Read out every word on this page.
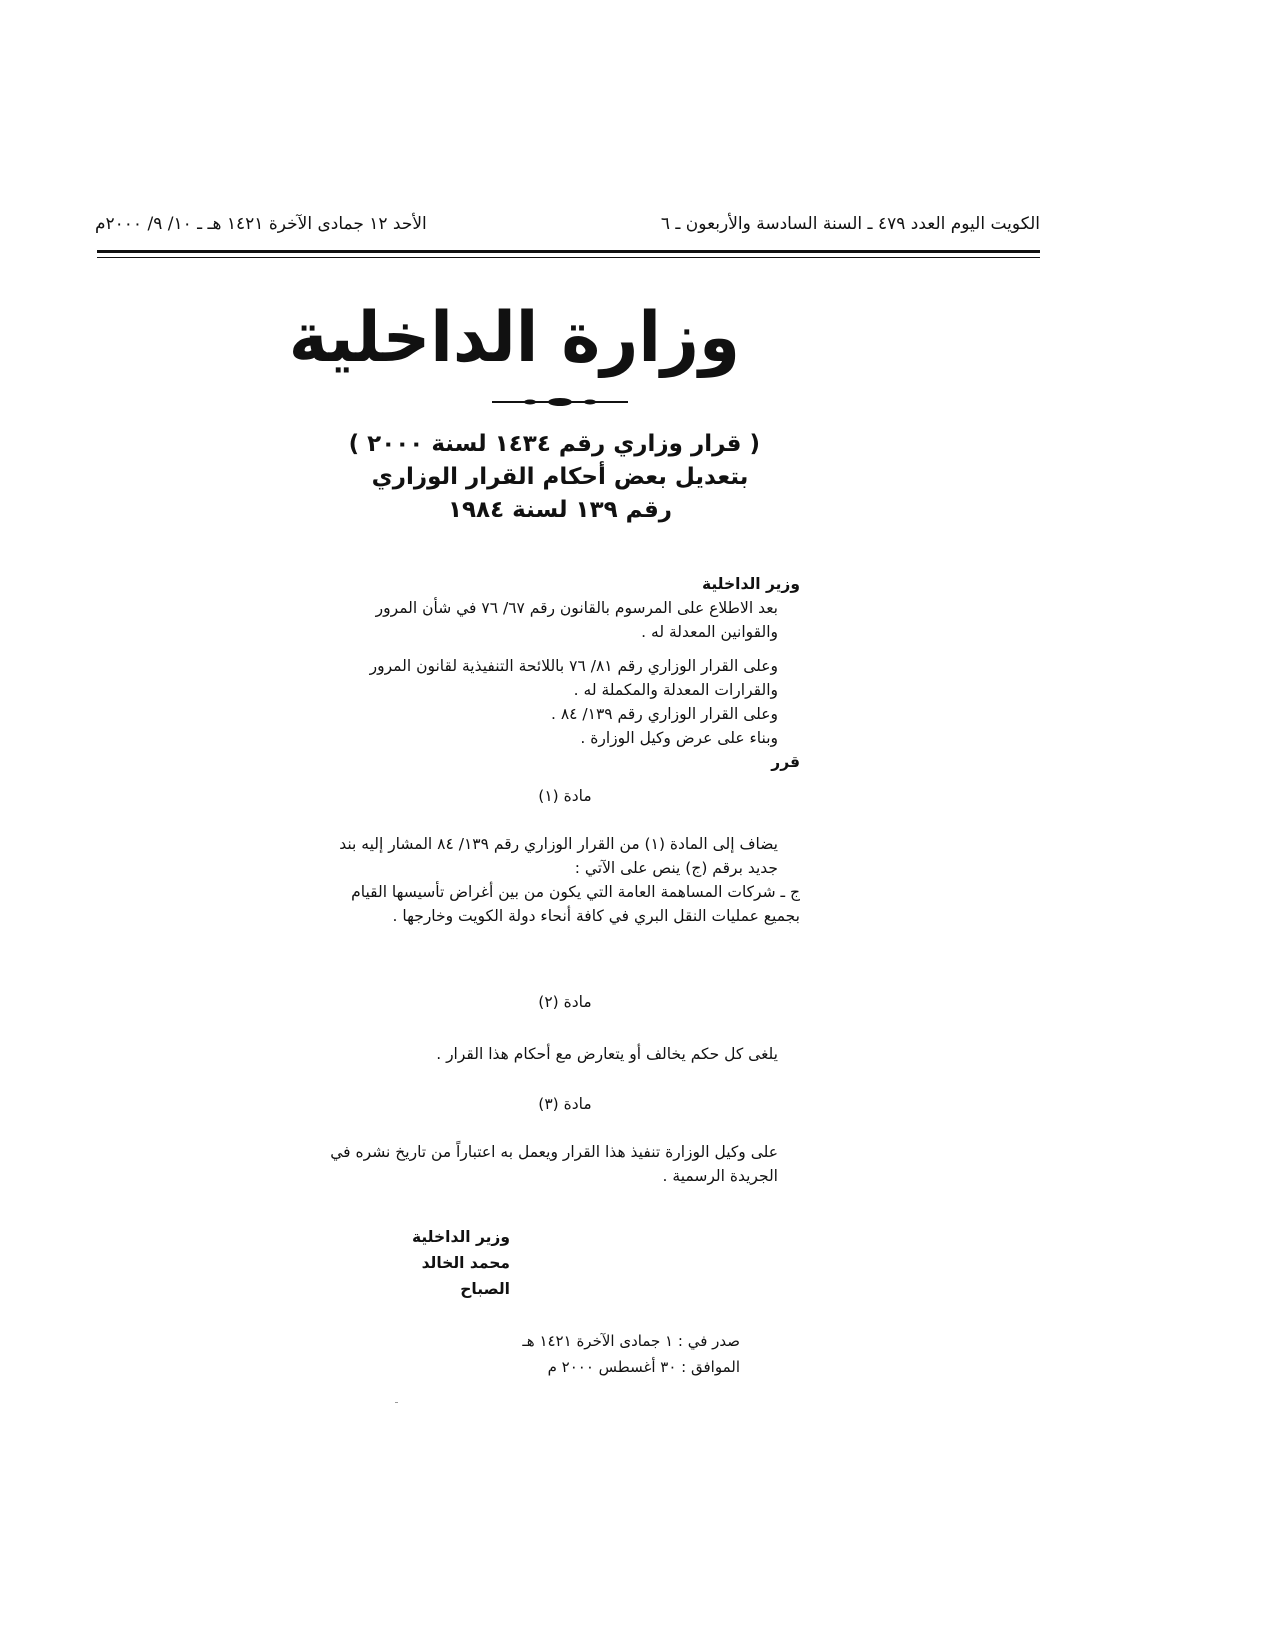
الكويت اليوم العدد ٤٧٩ ـ السنة السادسة والأربعون ـ ٦
الأحد ١٢ جمادى الآخرة ١٤٢١ هـ ـ ١٠/ ٩/ ٢٠٠٠م
وزارة الداخلية
( قرار وزاري رقم ١٤٣٤ لسنة ٢٠٠٠ )
بتعديل بعض أحكام القرار الوزاري
رقم ١٣٩ لسنة ١٩٨٤

وزير الداخلية

بعد الاطلاع على المرسوم بالقانون رقم ٦٧/ ٧٦ في شأن المرور والقوانين المعدلة له .

وعلى القرار الوزاري رقم ٨١/ ٧٦ باللائحة التنفيذية لقانون المرور والقرارات المعدلة والمكملة له .

وعلى القرار الوزاري رقم ١٣٩/ ٨٤ .

وبناء على عرض وكيل الوزارة .

قرر

مادة (١)

يضاف إلى المادة (١) من القرار الوزاري رقم ١٣٩/ ٨٤ المشار إليه بند جديد برقم (ج) ينص على الآتي :

ج ـ شركات المساهمة العامة التي يكون من بين أغراض تأسيسها القيام بجميع عمليات النقل البري في كافة أنحاء دولة الكويت وخارجها .

مادة (٢)

يلغى كل حكم يخالف أو يتعارض مع أحكام هذا القرار .

مادة (٣)

على وكيل الوزارة تنفيذ هذا القرار ويعمل به اعتباراً من تاريخ نشره في الجريدة الرسمية .

وزير الداخلية
محمد الخالد الصباح
صدر في : ١ جمادى الآخرة ١٤٢١ هـ
الموافق : ٣٠ أغسطس ٢٠٠٠ م
